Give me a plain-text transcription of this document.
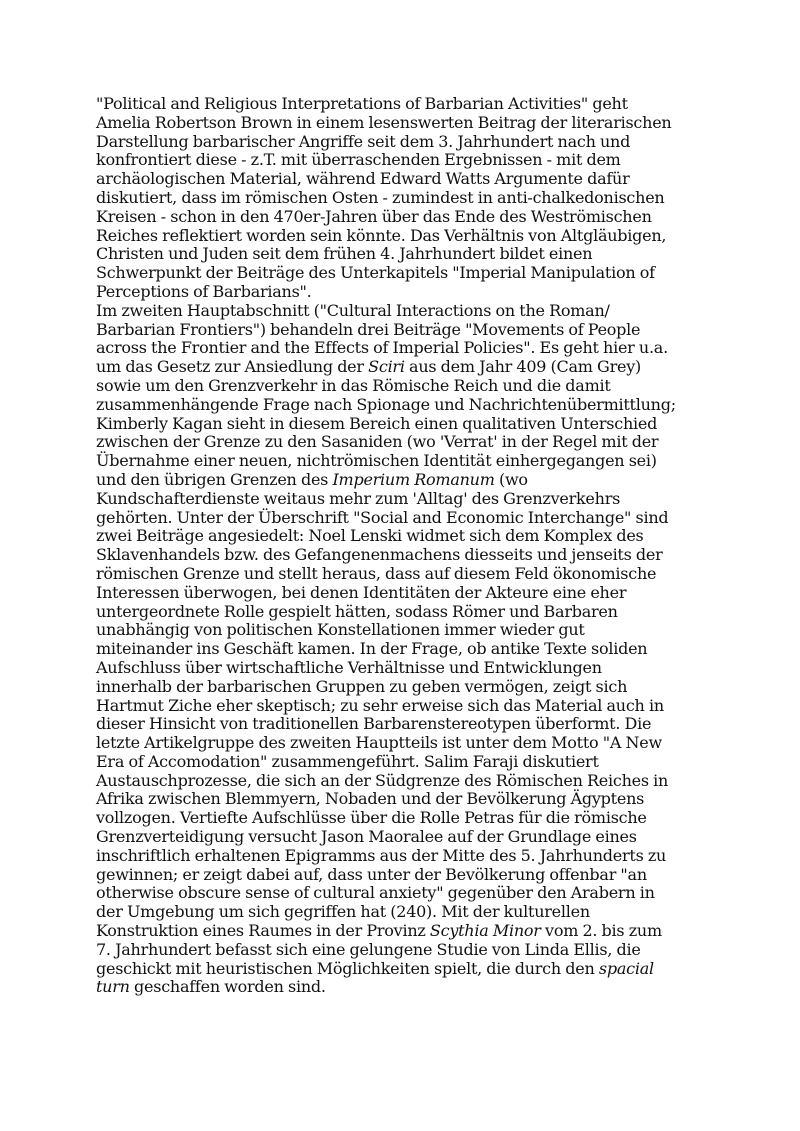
"Political and Religious Interpretations of Barbarian Activities" geht
Amelia Robertson Brown in einem lesenswerten Beitrag der literarischen
Darstellung barbarischer Angriffe seit dem 3. Jahrhundert nach und
konfrontiert diese - z.T. mit überraschenden Ergebnissen - mit dem
archäologischen Material, während Edward Watts Argumente dafür
diskutiert, dass im römischen Osten - zumindest in anti-chalkedonischen
Kreisen - schon in den 470er-Jahren über das Ende des Weströmischen
Reiches reflektiert worden sein könnte. Das Verhältnis von Altgläubigen,
Christen und Juden seit dem frühen 4. Jahrhundert bildet einen
Schwerpunkt der Beiträge des Unterkapitels "Imperial Manipulation of
Perceptions of Barbarians".

Im zweiten Hauptabschnitt ("Cultural Interactions on the Roman/
Barbarian Frontiers") behandeln drei Beiträge "Movements of People
across the Frontier and the Effects of Imperial Policies". Es geht hier u.a.
um das Gesetz zur Ansiedlung der Sciri aus dem Jahr 409 (Cam Grey)
sowie um den Grenzverkehr in das Römische Reich und die damit
zusammenhängende Frage nach Spionage und Nachrichtenübermittlung;
Kimberly Kagan sieht in diesem Bereich einen qualitativen Unterschied
zwischen der Grenze zu den Sasaniden (wo 'Verrat' in der Regel mit der
Übernahme einer neuen, nichtrömischen Identität einhergegangen sei)
und den übrigen Grenzen des Imperium Romanum (wo
Kundschafterdienste weitaus mehr zum 'Alltag' des Grenzverkehrs
gehörten. Unter der Überschrift "Social and Economic Interchange" sind
zwei Beiträge angesiedelt: Noel Lenski widmet sich dem Komplex des
Sklavenhandels bzw. des Gefangenenmachens diesseits und jenseits der
römischen Grenze und stellt heraus, dass auf diesem Feld ökonomische
Interessen überwogen, bei denen Identitäten der Akteure eine eher
untergeordnete Rolle gespielt hätten, sodass Römer und Barbaren
unabhängig von politischen Konstellationen immer wieder gut
miteinander ins Geschäft kamen. In der Frage, ob antike Texte soliden
Aufschluss über wirtschaftliche Verhältnisse und Entwicklungen
innerhalb der barbarischen Gruppen zu geben vermögen, zeigt sich
Hartmut Ziche eher skeptisch; zu sehr erweise sich das Material auch in
dieser Hinsicht von traditionellen Barbarenstereotypen überformt. Die
letzte Artikelgruppe des zweiten Hauptteils ist unter dem Motto "A New
Era of Accomodation" zusammengeführt. Salim Faraji diskutiert
Austauschprozesse, die sich an der Südgrenze des Römischen Reiches in
Afrika zwischen Blemmyern, Nobaden und der Bevölkerung Ägyptens
vollzogen. Vertiefte Aufschlüsse über die Rolle Petras für die römische
Grenzverteidigung versucht Jason Maoralee auf der Grundlage eines
inschriftlich erhaltenen Epigramms aus der Mitte des 5. Jahrhunderts zu
gewinnen; er zeigt dabei auf, dass unter der Bevölkerung offenbar "an
otherwise obscure sense of cultural anxiety" gegenüber den Arabern in
der Umgebung um sich gegriffen hat (240). Mit der kulturellen
Konstruktion eines Raumes in der Provinz Scythia Minor vom 2. bis zum
7. Jahrhundert befasst sich eine gelungene Studie von Linda Ellis, die
geschickt mit heuristischen Möglichkeiten spielt, die durch den spacial
turn geschaffen worden sind.
